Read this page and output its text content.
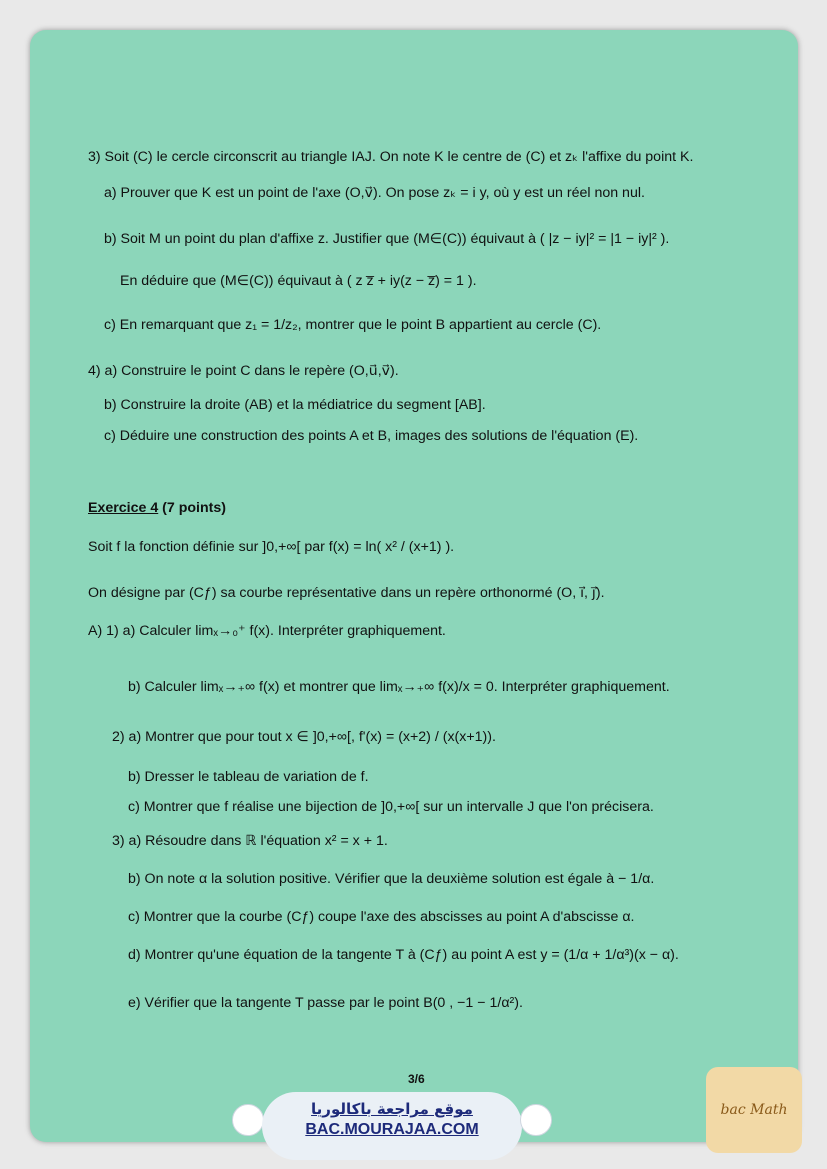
3) Soit (C) le cercle circonscrit au triangle IAJ. On note K le centre de (C) et zₖ l'affixe du point K.
a) Prouver que K est un point de l'axe (O,v⃗). On pose zₖ = i y, où y est un réel non nul.
b) Soit M un point du plan d'affixe z. Justifier que (M∈(C)) équivaut à ( |z − iy|² = |1 − iy|² ).
En déduire que (M∈(C)) équivaut à ( z z̅ + iy(z − z̅) = 1 ).
c) En remarquant que z₁ = 1/z₂, montrer que le point B appartient au cercle (C).
4) a) Construire le point C dans le repère (O,u⃗,v⃗).
b) Construire la droite (AB) et la médiatrice du segment [AB].
c) Déduire une construction des points A et B, images des solutions de l'équation (E).
Exercice 4 (7 points)
Soit f la fonction définie sur ]0,+∞[ par f(x) = ln( x² / (x+1) ).
On désigne par (Cƒ) sa courbe représentative dans un repère orthonormé (O, i⃗, j⃗).
A) 1) a) Calculer limₓ→₀⁺ f(x). Interpréter graphiquement.
b) Calculer limₓ→₊∞ f(x) et montrer que limₓ→₊∞ f(x)/x = 0. Interpréter graphiquement.
2) a) Montrer que pour tout x ∈ ]0,+∞[, f'(x) = (x+2) / (x(x+1)).
b) Dresser le tableau de variation de f.
c) Montrer que f réalise une bijection de ]0,+∞[ sur un intervalle J que l'on précisera.
3) a) Résoudre dans ℝ l'équation x² = x + 1.
b) On note α la solution positive. Vérifier que la deuxième solution est égale à − 1/α.
c) Montrer que la courbe (Cƒ) coupe l'axe des abscisses au point A d'abscisse α.
d) Montrer qu'une équation de la tangente T à (Cƒ) au point A est y = (1/α + 1/α³)(x − α).
e) Vérifier que la tangente T passe par le point B(0 , −1 − 1/α²).
3/6
موقع مراجعة باكالوريا
BAC.MOURAJAA.COM
bac Math
